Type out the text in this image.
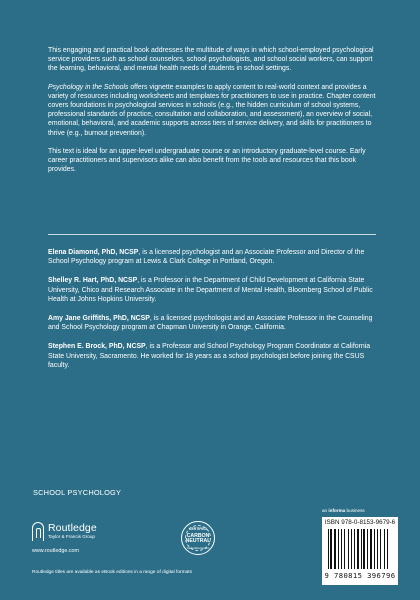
This engaging and practical book addresses the multitude of ways in which school-employed psychological service providers such as school counselors, school psychologists, and school social workers, can support the learning, behavioral, and mental health needs of students in school settings.

Psychology in the Schools offers vignette examples to apply content to real-world context and provides a variety of resources including worksheets and templates for practitioners to use in practice. Chapter content covers foundations in psychological services in schools (e.g., the hidden curriculum of school systems, professional standards of practice, consultation and collaboration, and assessment), an overview of social, emotional, behavioral, and academic supports across tiers of service delivery, and skills for practitioners to thrive (e.g., burnout prevention).

This text is ideal for an upper-level undergraduate course or an introductory graduate-level course. Early career practitioners and supervisors alike can also benefit from the tools and resources that this book provides.

Elena Diamond, PhD, NCSP, is a licensed psychologist and an Associate Professor and Director of the School Psychology program at Lewis & Clark College in Portland, Oregon.

Shelley R. Hart, PhD, NCSP, is a Professor in the Department of Child Development at California State University, Chico and Research Associate in the Department of Mental Health, Bloomberg School of Public Health at Johns Hopkins University.

Amy Jane Griffiths, PhD, NCSP, is a licensed psychologist and an Associate Professor in the Counseling and School Psychology program at Chapman University in Orange, California.

Stephen E. Brock, PhD, NCSP, is a Professor and School Psychology Program Coordinator at California State University, Sacramento. He worked for 18 years as a school psychologist before joining the CSUS faculty.

SCHOOL PSYCHOLOGY
Routledge
Taylor & Francis Group
www.routledge.com
Routledge titles are available as eBook editions in a range of digital formats
CERTIFIED
CARBON NEUTRAL
CarbonNeutral.com
an informa business
ISBN 978-0-8153-9679-6
9 780815 396796
